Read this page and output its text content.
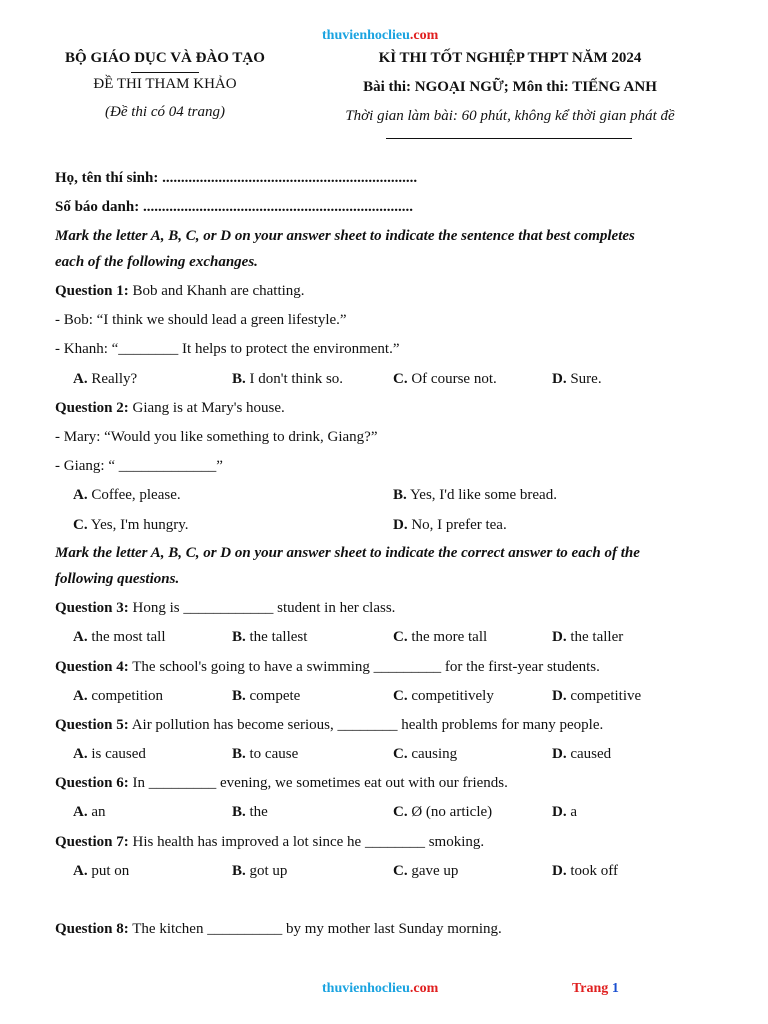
thuvienhoclieu.com
BỘ GIÁO DỤC VÀ ĐÀO TẠO
ĐỀ THI THAM KHẢO
(Đề thi có 04 trang)
KÌ THI TỐT NGHIỆP THPT NĂM 2024
Bài thi: NGOẠI NGỮ; Môn thi: TIẾNG ANH
Thời gian làm bài: 60 phút, không kể thời gian phát đề
Họ, tên thí sinh: ....................................................................
Số báo danh: ........................................................................
Mark the letter A, B, C, or D on your answer sheet to indicate the sentence that best completes
each of the following exchanges.
Question 1: Bob and Khanh are chatting.
- Bob: “I think we should lead a green lifestyle.”
- Khanh: “________ It helps to protect the environment.”
A. Really?	B. I don't think so.	C. Of course not.	D. Sure.
Question 2: Giang is at Mary's house.
- Mary: “Would you like something to drink, Giang?”
- Giang: “ _____________”
A. Coffee, please.	B. Yes, I'd like some bread.
C. Yes, I'm hungry.	D. No, I prefer tea.
Mark the letter A, B, C, or D on your answer sheet to indicate the correct answer to each of the
following questions.
Question 3: Hong is ____________ student in her class.
A. the most tall	B. the tallest	C. the more tall	D. the taller
Question 4: The school's going to have a swimming _________ for the first-year students.
A. competition	B. compete	C. competitively	D. competitive
Question 5: Air pollution has become serious, ________ health problems for many people.
A. is caused	B. to cause	C. causing	D. caused
Question 6: In _________ evening, we sometimes eat out with our friends.
A. an	B. the	C. Ø (no article)	D. a
Question 7: His health has improved a lot since he ________ smoking.
A. put on	B. got up	C. gave up	D. took off
Question 8: The kitchen __________ by my mother last Sunday morning.
thuvienhoclieu.com	Trang 1
